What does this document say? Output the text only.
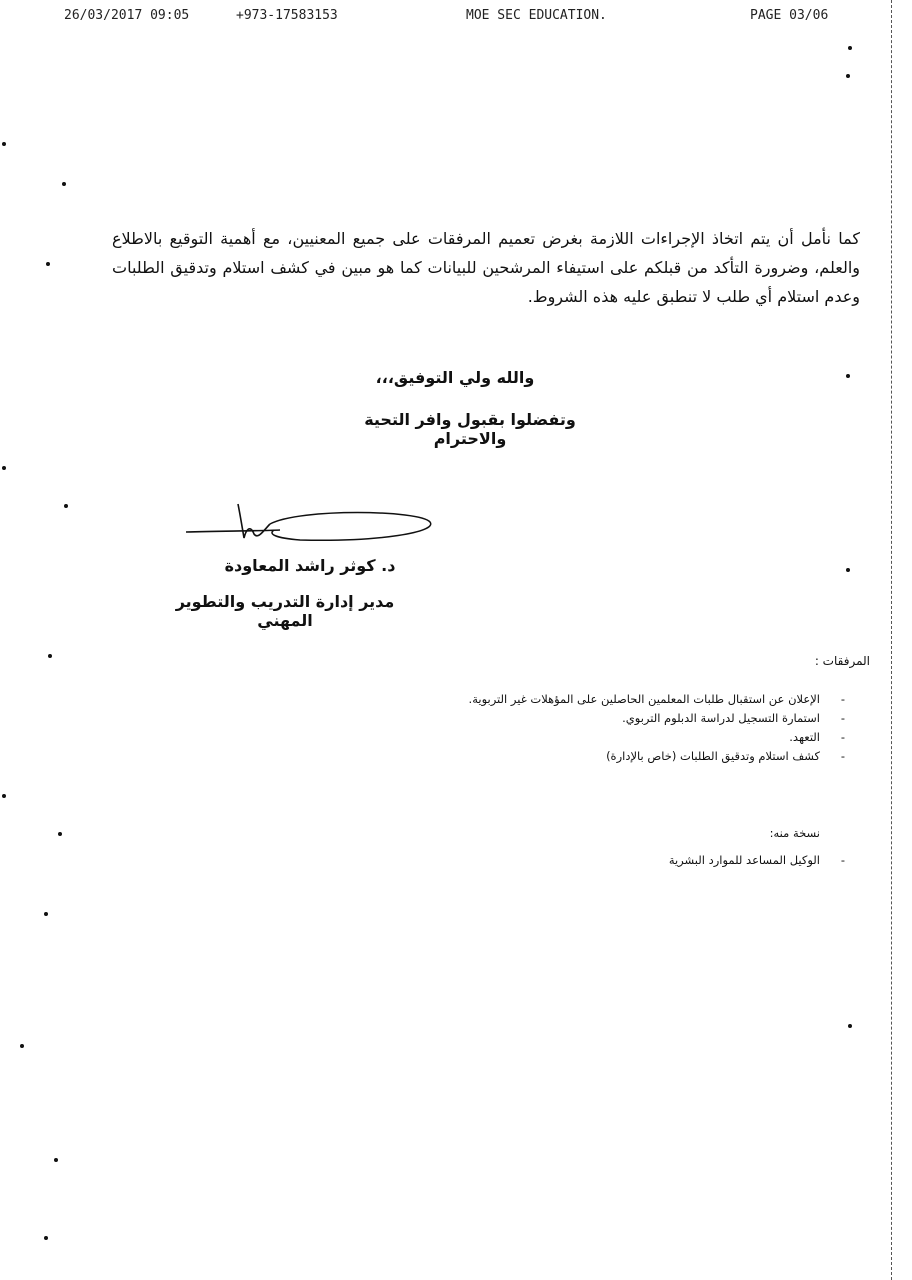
26/03/2017 09:05	+973-17583153	MOE SEC EDUCATION.	PAGE 03/06

كما نأمل أن يتم اتخاذ الإجراءات اللازمة بغرض تعميم المرفقات على جميع المعنيين، مع أهمية التوقيع بالاطلاع والعلم، وضرورة التأكد من قبلكم على استيفاء المرشحين للبيانات كما هو مبين في كشف استلام وتدقيق الطلبات وعدم استلام أي طلب لا تنطبق عليه هذه الشروط.

والله ولي التوفيق،،،
وتفضلوا بقبول وافر التحية والاحترام
د. كوثر راشد المعاودة
مدير إدارة التدريب والتطوير المهني
المرفقات :
-
الإعلان عن استقبال طلبات المعلمين الحاصلين على المؤهلات غير التربوية.
-
استمارة التسجيل لدراسة الدبلوم التربوي.
-
التعهد.
-
كشف استلام وتدقيق الطلبات (خاص بالإدارة)
نسخة منه:
-
الوكيل المساعد للموارد البشرية
